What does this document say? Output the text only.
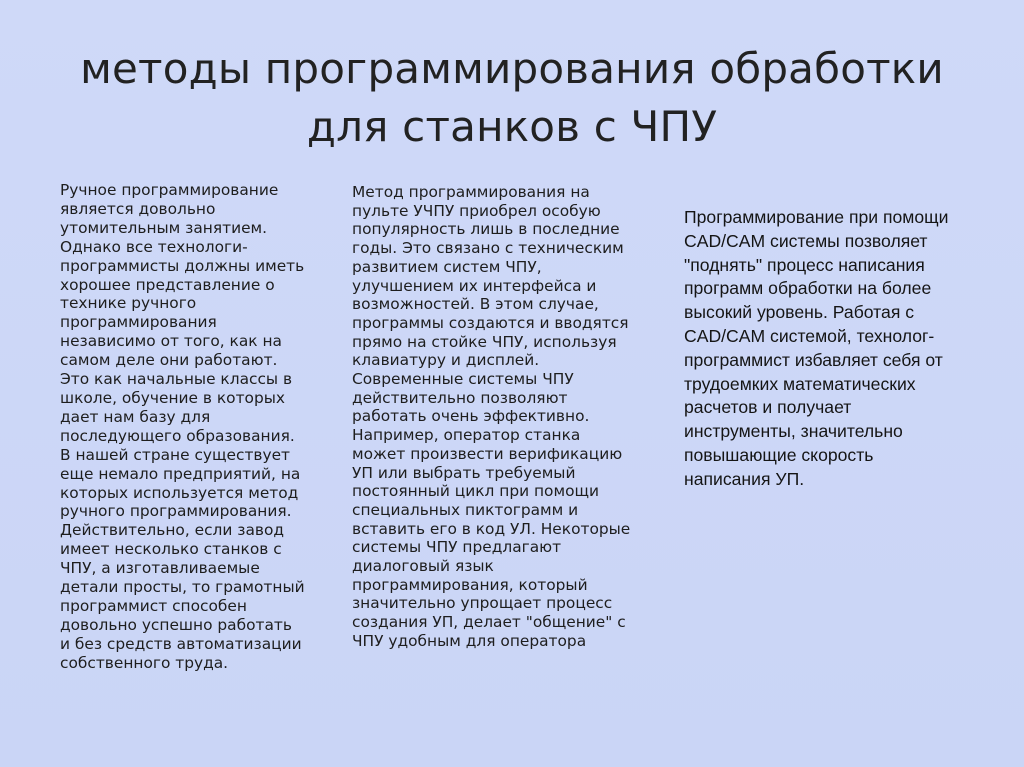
методы программирования обработки
для станков с ЧПУ
Ручное программирование
является довольно
утомительным занятием.
Однако все технологи-
программисты должны иметь
хорошее представление о
технике ручного
программирования
независимо от того, как на
самом деле они работают.
Это как начальные классы в
школе, обучение в которых
дает нам базу для
последующего образования.
В нашей стране существует
еще немало предприятий, на
которых используется метод
ручного программирования.
Действительно, если завод
имеет несколько станков с
ЧПУ, а изготавливаемые
детали просты, то грамотный
программист способен
довольно успешно работать
и без средств автоматизации
собственного труда.
Метод программирования на
пульте УЧПУ приобрел особую
популярность лишь в последние
годы. Это связано с техническим
развитием систем ЧПУ,
улучшением их интерфейса и
возможностей. В этом случае,
программы создаются и вводятся
прямо на стойке ЧПУ, используя
клавиатуру и дисплей.
Современные системы ЧПУ
действительно позволяют
работать очень эффективно.
Например, оператор станка
может произвести верификацию
УП или выбрать требуемый
постоянный цикл при помощи
специальных пиктограмм и
вставить его в код УЛ. Некоторые
системы ЧПУ предлагают
диалоговый язык
программирования, который
значительно упрощает процесс
создания УП, делает "общение" с
ЧПУ удобным для оператора
Программирование при помощи
CAD/CAM системы позволяет
"поднять" процесс написания
программ обработки на более
высокий уровень. Работая с
CAD/CAM системой, технолог-
программист избавляет себя от
трудоемких математических
расчетов и получает
инструменты, значительно
повышающие скорость
написания УП.
